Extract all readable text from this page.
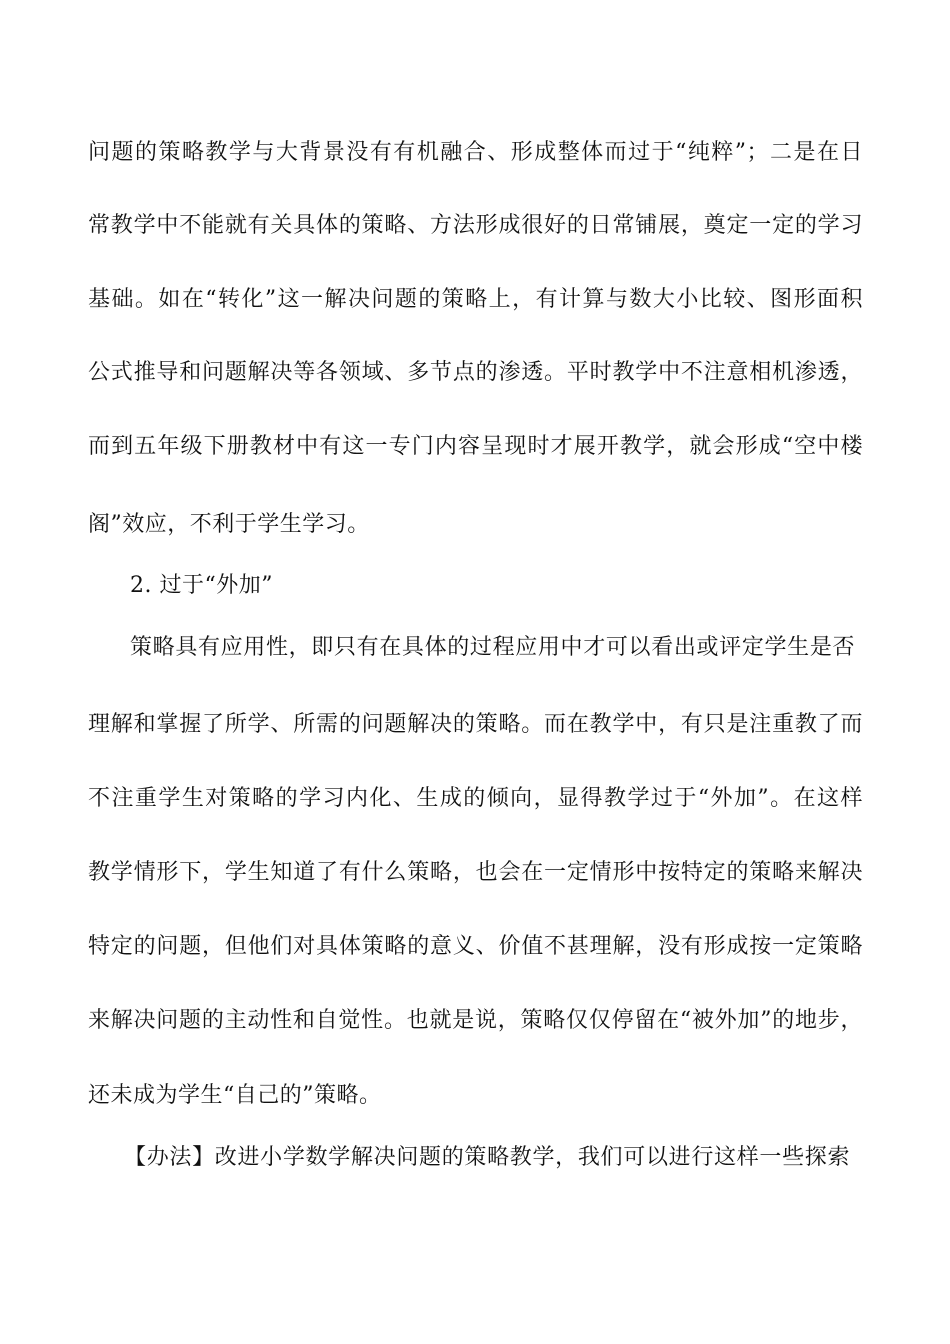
问题的策略教学与大背景没有有机融合、形成整体而过于“纯粹”；二是在日
常教学中不能就有关具体的策略、方法形成很好的日常铺展，奠定一定的学习
基础。如在“转化”这一解决问题的策略上，有计算与数大小比较、图形面积
公式推导和问题解决等各领域、多节点的渗透。平时教学中不注意相机渗透，
而到五年级下册教材中有这一专门内容呈现时才展开教学，就会形成“空中楼
阁”效应，不利于学生学习。
2. 过于“外加”
策略具有应用性，即只有在具体的过程应用中才可以看出或评定学生是否
理解和掌握了所学、所需的问题解决的策略。而在教学中，有只是注重教了而
不注重学生对策略的学习内化、生成的倾向，显得教学过于“外加”。在这样
教学情形下，学生知道了有什么策略，也会在一定情形中按特定的策略来解决
特定的问题，但他们对具体策略的意义、价值不甚理解，没有形成按一定策略
来解决问题的主动性和自觉性。也就是说，策略仅仅停留在“被外加”的地步，
还未成为学生“自己的”策略。
【办法】改进小学数学解决问题的策略教学，我们可以进行这样一些探索
